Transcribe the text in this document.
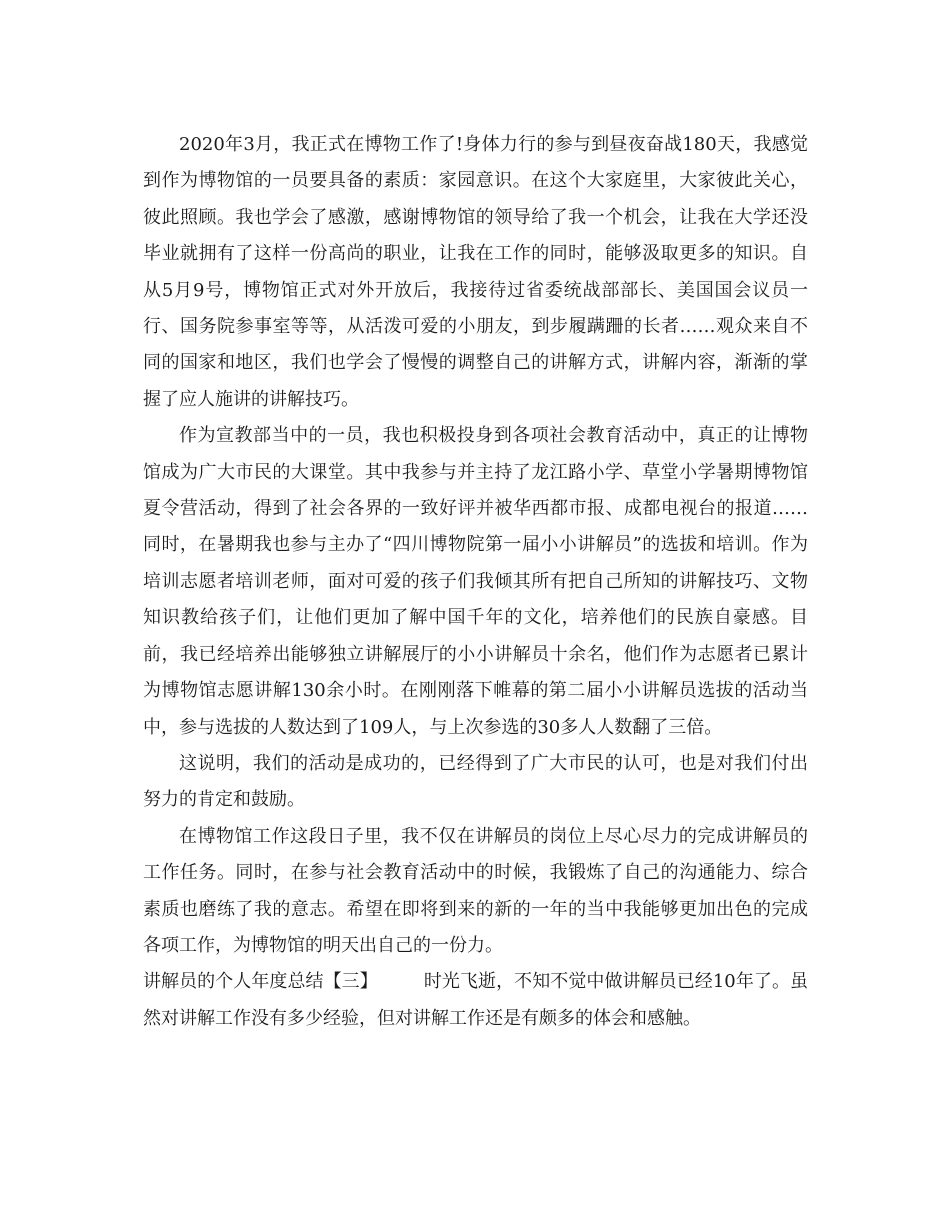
2020年3月，我正式在博物工作了!身体力行的参与到昼夜奋战180天，我感觉到作为博物馆的一员要具备的素质：家园意识。在这个大家庭里，大家彼此关心，彼此照顾。我也学会了感激，感谢博物馆的领导给了我一个机会，让我在大学还没毕业就拥有了这样一份高尚的职业，让我在工作的同时，能够汲取更多的知识。自从5月9号，博物馆正式对外开放后，我接待过省委统战部部长、美国国会议员一行、国务院参事室等等，从活泼可爱的小朋友，到步履蹒跚的长者……观众来自不同的国家和地区，我们也学会了慢慢的调整自己的讲解方式，讲解内容，渐渐的掌握了应人施讲的讲解技巧。

作为宣教部当中的一员，我也积极投身到各项社会教育活动中，真正的让博物馆成为广大市民的大课堂。其中我参与并主持了龙江路小学、草堂小学暑期博物馆夏令营活动，得到了社会各界的一致好评并被华西都市报、成都电视台的报道……同时，在暑期我也参与主办了“四川博物院第一届小小讲解员”的选拔和培训。作为培训志愿者培训老师，面对可爱的孩子们我倾其所有把自己所知的讲解技巧、文物知识教给孩子们，让他们更加了解中国千年的文化，培养他们的民族自豪感。目前，我已经培养出能够独立讲解展厅的小小讲解员十余名，他们作为志愿者已累计为博物馆志愿讲解130余小时。在刚刚落下帷幕的第二届小小讲解员选拔的活动当中，参与选拔的人数达到了109人，与上次参选的30多人人数翻了三倍。

这说明，我们的活动是成功的，已经得到了广大市民的认可，也是对我们付出努力的肯定和鼓励。

在博物馆工作这段日子里，我不仅在讲解员的岗位上尽心尽力的完成讲解员的工作任务。同时，在参与社会教育活动中的时候，我锻炼了自己的沟通能力、综合素质也磨练了我的意志。希望在即将到来的新的一年的当中我能够更加出色的完成各项工作，为博物馆的明天出自己的一份力。

讲解员的个人年度总结【三】	时光飞逝，不知不觉中做讲解员已经10年了。虽然对讲解工作没有多少经验，但对讲解工作还是有颇多的体会和感触。
